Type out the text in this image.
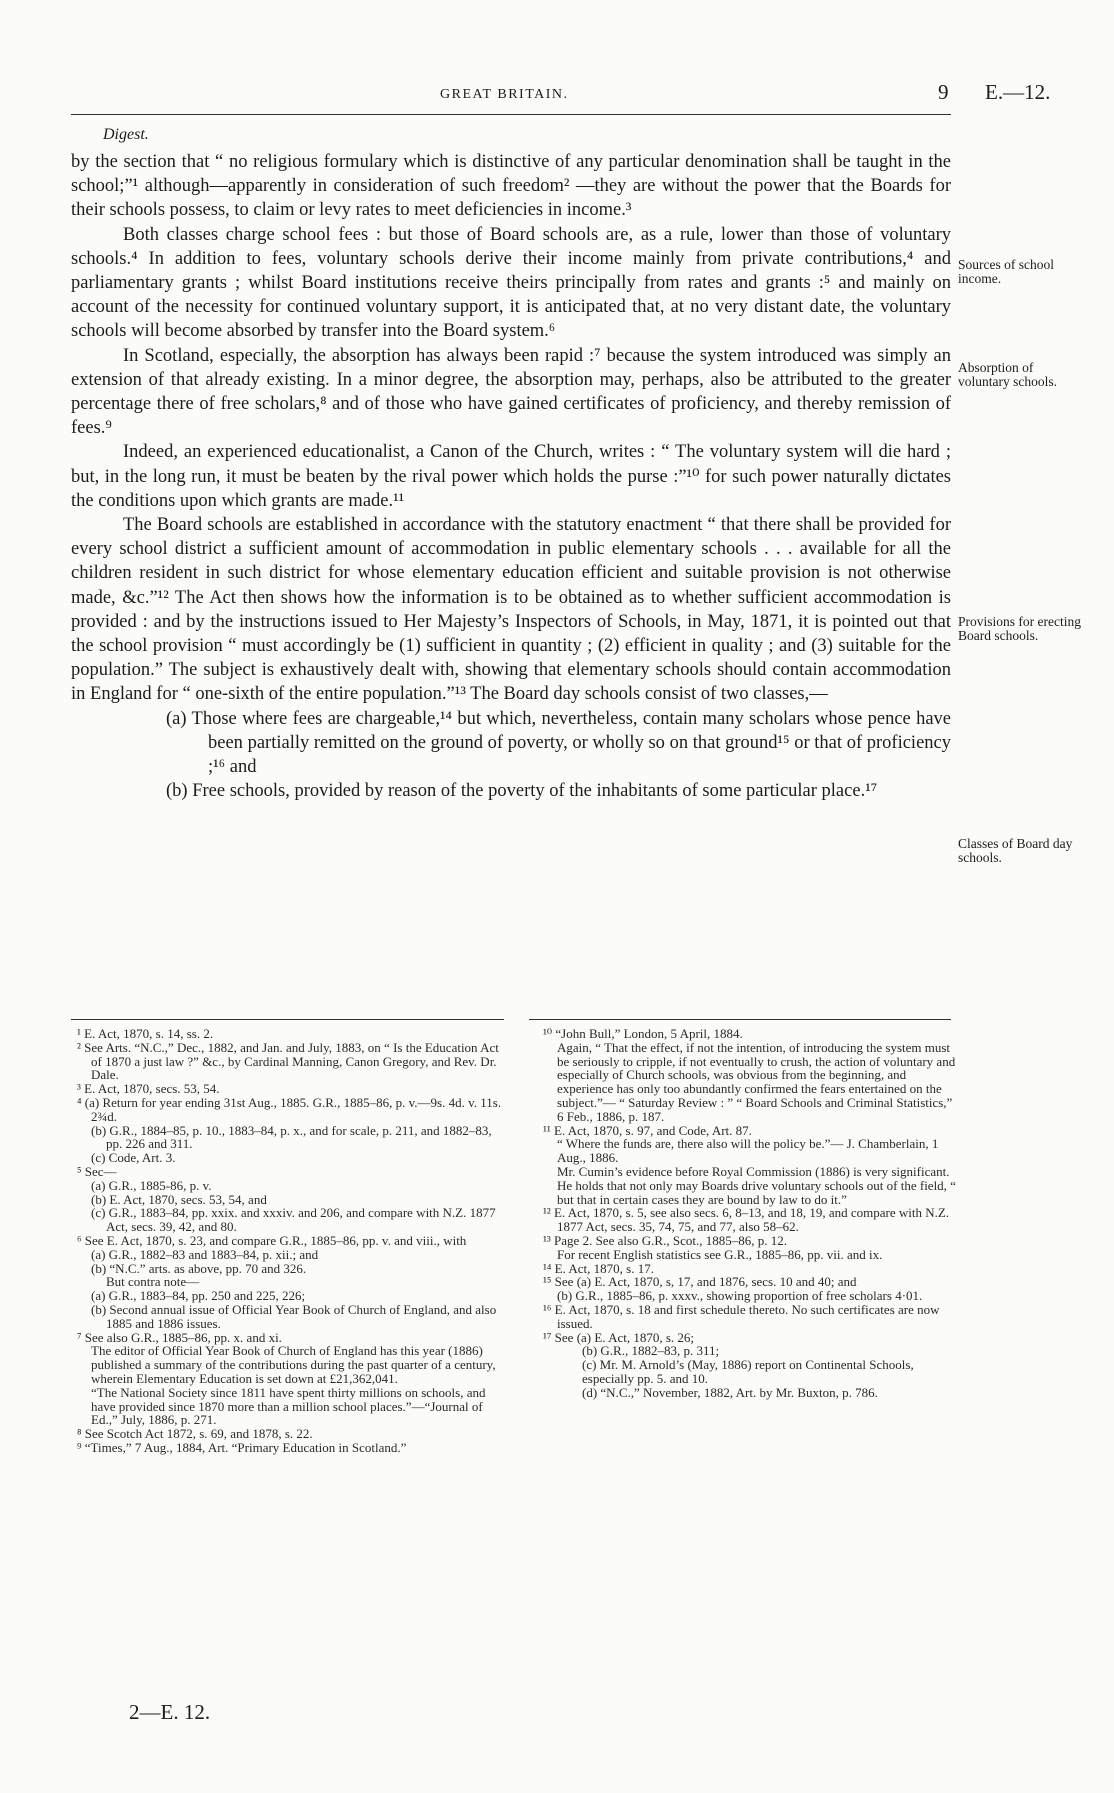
GREAT BRITAIN.	9 E.—12.
Digest.

by the section that “ no religious formulary which is distinctive of any particular denomination shall be taught in the school;”¹ although—apparently in consideration of such freedom² —they are without the power that the Boards for their schools possess, to claim or levy rates to meet deficiencies in income.³

Both classes charge school fees : but those of Board schools are, as a rule, lower than those of voluntary schools.⁴ In addition to fees, voluntary schools derive their income mainly from private contributions,⁴ and parliamentary grants ; whilst Board institutions receive theirs principally from rates and grants :⁵ and mainly on account of the necessity for continued voluntary support, it is anticipated that, at no very distant date, the voluntary schools will become absorbed by transfer into the Board system.⁶

In Scotland, especially, the absorption has always been rapid :⁷ because the system introduced was simply an extension of that already existing. In a minor degree, the absorption may, perhaps, also be attributed to the greater percentage there of free scholars,⁸ and of those who have gained certificates of proficiency, and thereby remission of fees.⁹

Indeed, an experienced educationalist, a Canon of the Church, writes : “ The voluntary system will die hard ; but, in the long run, it must be beaten by the rival power which holds the purse :”¹⁰ for such power naturally dictates the conditions upon which grants are made.¹¹

The Board schools are established in accordance with the statutory enactment “ that there shall be provided for every school district a sufficient amount of accommodation in public elementary schools . . . available for all the children resident in such district for whose elementary education efficient and suitable provision is not otherwise made, &c.”¹² The Act then shows how the information is to be obtained as to whether sufficient accommodation is provided : and by the instructions issued to Her Majesty’s Inspectors of Schools, in May, 1871, it is pointed out that the school provision “ must accordingly be (1) sufficient in quantity ; (2) efficient in quality ; and (3) suitable for the population.” The subject is exhaustively dealt with, showing that elementary schools should contain accommodation in England for “ one-sixth of the entire population.”¹³ The Board day schools consist of two classes,—

(a) Those where fees are chargeable,¹⁴ but which, nevertheless, contain many scholars whose pence have been partially remitted on the ground of poverty, or wholly so on that ground¹⁵ or that of proficiency ;¹⁶ and

(b) Free schools, provided by reason of the poverty of the inhabitants of some particular place.¹⁷

Sources of school income.
Absorption of voluntary schools.
Provisions for erecting Board schools.
Classes of Board day schools.

¹ E. Act, 1870, s. 14, ss. 2.

² See Arts. “N.C.,” Dec., 1882, and Jan. and July, 1883, on “ Is the Education Act of 1870 a just law ?” &c., by Cardinal Manning, Canon Gregory, and Rev. Dr. Dale.

³ E. Act, 1870, secs. 53, 54.

⁴ (a) Return for year ending 31st Aug., 1885. G.R., 1885–86, p. v.—9s. 4d. v. 11s. 2¾d.

(b) G.R., 1884–85, p. 10., 1883–84, p. x., and for scale, p. 211, and 1882–83, pp. 226 and 311.

(c) Code, Art. 3.

⁵ Sec—

(a) G.R., 1885-86, p. v.

(b) E. Act, 1870, secs. 53, 54, and

(c) G.R., 1883–84, pp. xxix. and xxxiv. and 206, and compare with N.Z. 1877 Act, secs. 39, 42, and 80.

⁶ See E. Act, 1870, s. 23, and compare G.R., 1885–86, pp. v. and viii., with

(a) G.R., 1882–83 and 1883–84, p. xii.; and

(b) “N.C.” arts. as above, pp. 70 and 326.

But contra note—

(a) G.R., 1883–84, pp. 250 and 225, 226;

(b) Second annual issue of Official Year Book of Church of England, and also 1885 and 1886 issues.

⁷ See also G.R., 1885–86, pp. x. and xi.

The editor of Official Year Book of Church of England has this year (1886) published a summary of the contributions during the past quarter of a century, wherein Elementary Education is set down at £21,362,041.

“The National Society since 1811 have spent thirty millions on schools, and have provided since 1870 more than a million school places.”—“Journal of Ed.,” July, 1886, p. 271.

⁸ See Scotch Act 1872, s. 69, and 1878, s. 22.

⁹ “Times,” 7 Aug., 1884, Art. “Primary Education in Scotland.”

¹⁰ “John Bull,” London, 5 April, 1884.

Again, “ That the effect, if not the intention, of introducing the system must be seriously to cripple, if not eventually to crush, the action of voluntary and especially of Church schools, was obvious from the beginning, and experience has only too abundantly confirmed the fears entertained on the subject.”— “ Saturday Review : ” “ Board Schools and Criminal Statistics,” 6 Feb., 1886, p. 187.

¹¹ E. Act, 1870, s. 97, and Code, Art. 87.

“ Where the funds are, there also will the policy be.”— J. Chamberlain, 1 Aug., 1886.

Mr. Cumin’s evidence before Royal Commission (1886) is very significant. He holds that not only may Boards drive voluntary schools out of the field, “ but that in certain cases they are bound by law to do it.”

¹² E. Act, 1870, s. 5, see also secs. 6, 8–13, and 18, 19, and compare with N.Z. 1877 Act, secs. 35, 74, 75, and 77, also 58–62.

¹³ Page 2. See also G.R., Scot., 1885–86, p. 12.

For recent English statistics see G.R., 1885–86, pp. vii. and ix.

¹⁴ E. Act, 1870, s. 17.

¹⁵ See (a) E. Act, 1870, s, 17, and 1876, secs. 10 and 40; and

(b) G.R., 1885–86, p. xxxv., showing proportion of free scholars 4·01.

¹⁶ E. Act, 1870, s. 18 and first schedule thereto. No such certificates are now issued.

¹⁷ See (a) E. Act, 1870, s. 26;

(b) G.R., 1882–83, p. 311;

(c) Mr. M. Arnold’s (May, 1886) report on Continental Schools, especially pp. 5. and 10.

(d) “N.C.,” November, 1882, Art. by Mr. Buxton, p. 786.

2—E. 12.
